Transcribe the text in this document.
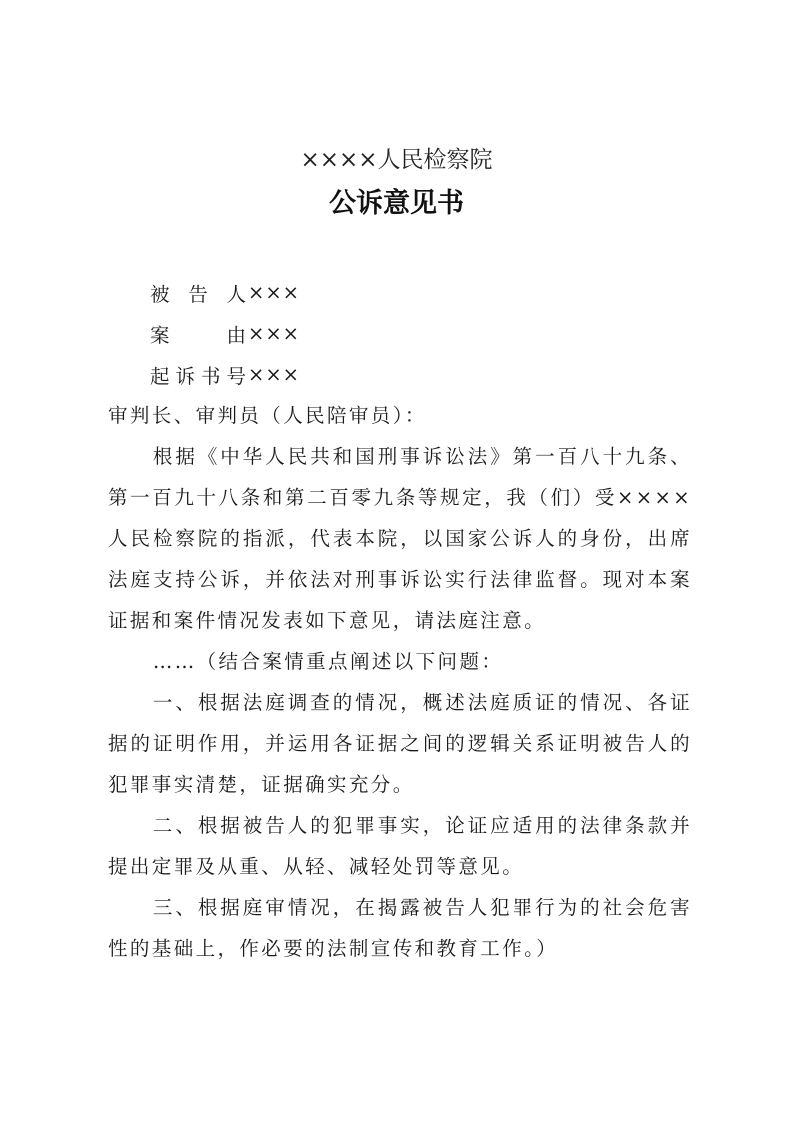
××××人民检察院
公诉意见书
被 告 人 ×××
案	由 ×××
起 诉 书 号 ×××

审判长、审判员（人民陪审员）：

根据《中华人民共和国刑事诉讼法》第一百八十九条、第一百九十八条和第二百零九条等规定，我（们）受××××人民检察院的指派，代表本院，以国家公诉人的身份，出席法庭支持公诉，并依法对刑事诉讼实行法律监督。现对本案证据和案件情况发表如下意见，请法庭注意。

……（结合案情重点阐述以下问题：

一、根据法庭调查的情况，概述法庭质证的情况、各证据的证明作用，并运用各证据之间的逻辑关系证明被告人的犯罪事实清楚，证据确实充分。

二、根据被告人的犯罪事实，论证应适用的法律条款并提出定罪及从重、从轻、减轻处罚等意见。

三、根据庭审情况，在揭露被告人犯罪行为的社会危害性的基础上，作必要的法制宣传和教育工作。）
